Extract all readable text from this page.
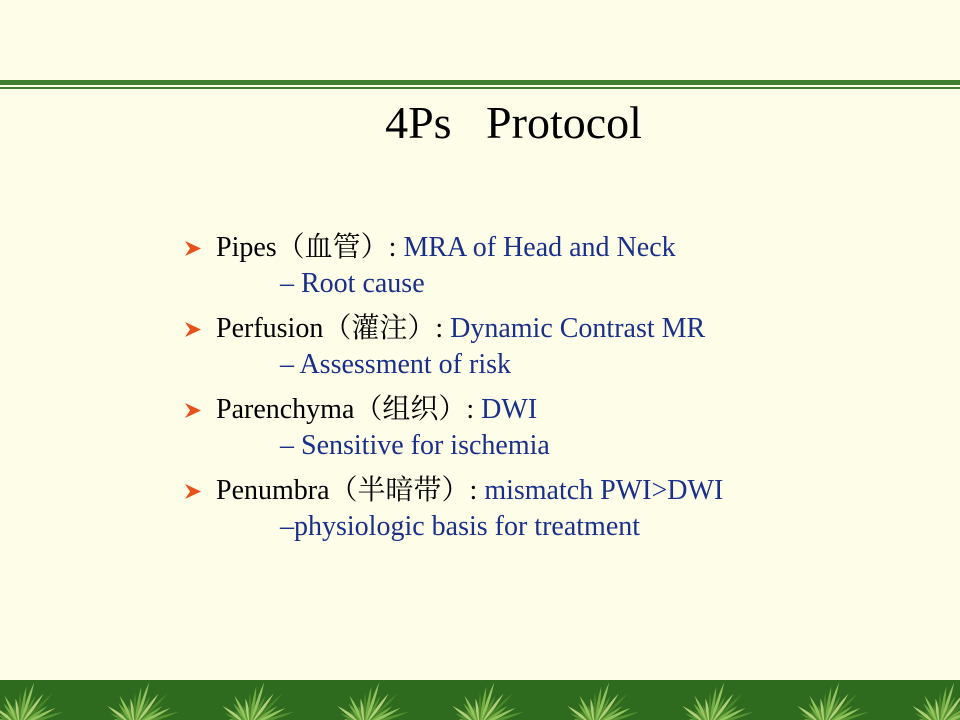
4Ps   Protocol
Pipes（血管）: MRA of Head and Neck
– Root cause
Perfusion（灌注）: Dynamic Contrast MR
– Assessment of risk
Parenchyma（组织）: DWI
– Sensitive for ischemia
Penumbra（半暗带）: mismatch PWI>DWI
–physiologic basis for treatment
